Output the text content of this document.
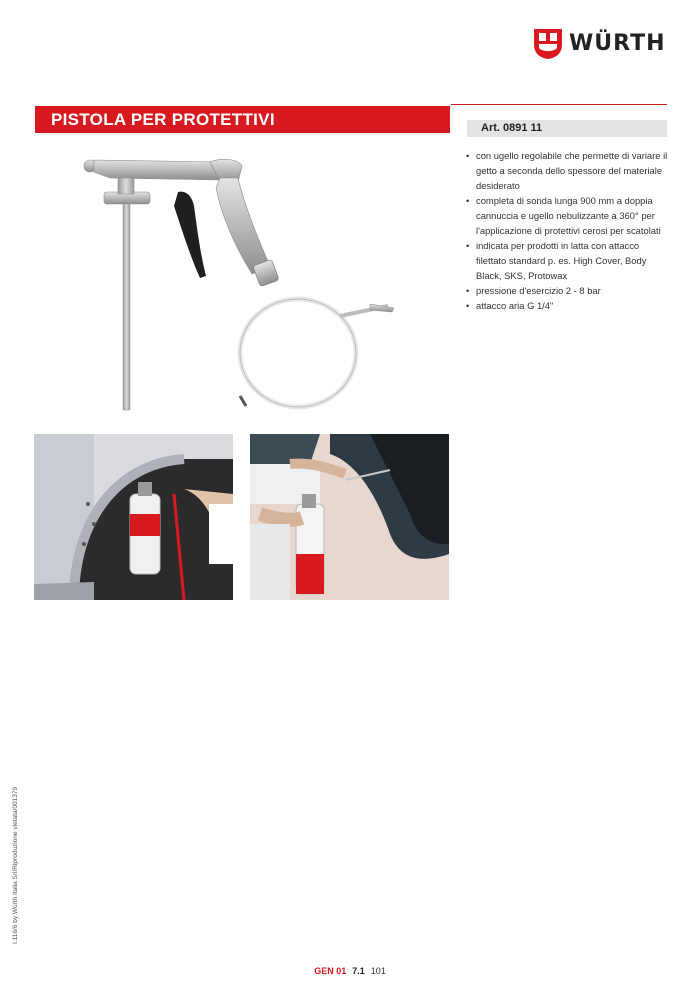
WÜRTH
PISTOLA PER PROTETTIVI	Art. 0891 11
• con ugello regolabile che permette di variare il getto a seconda dello spessore del materiale desiderato
• completa di sonda lunga 900 mm a doppia cannuccia e ugello nebulizzante a 360° per l'applicazione di protettivi cerosi per scatolati
• indicata per prodotti in latta con attacco filettato standard p. es. High Cover, Body Black, SKS, Protowax
• pressione d'esercizio 2 - 8 bar
• attacco aria G 1/4"
I.116/6 by Würth Italia Srl/Riproduzione vietata/001379
GEN 01 7.1 101
